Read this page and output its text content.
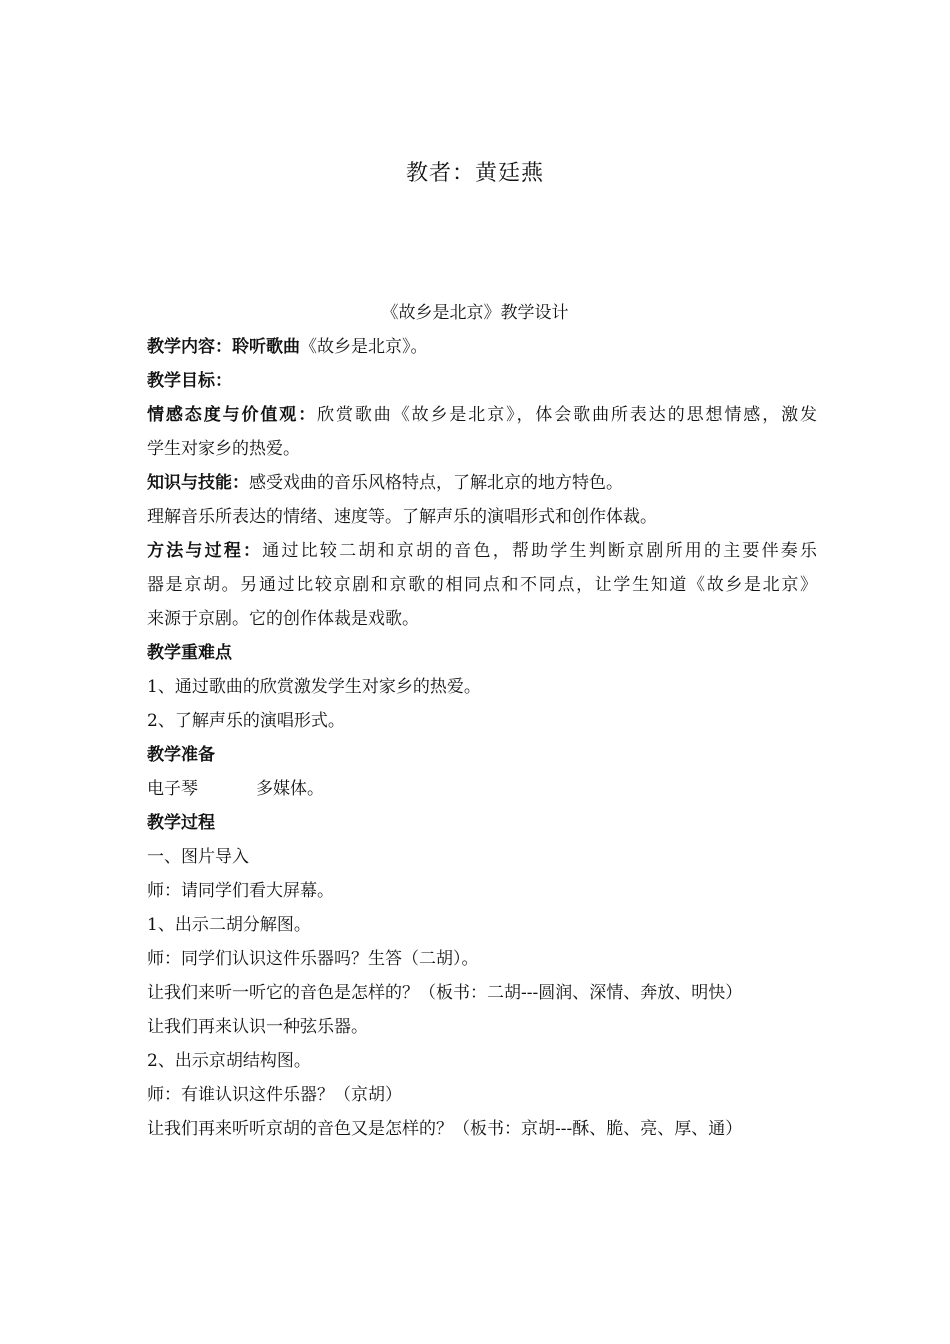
教者：黄廷燕
《故乡是北京》教学设计
教学内容：聆听歌曲《故乡是北京》。
教学目标：
情感态度与价值观：欣赏歌曲《故乡是北京》，体会歌曲所表达的思想情感，激发
学生对家乡的热爱。
知识与技能：感受戏曲的音乐风格特点，了解北京的地方特色。
理解音乐所表达的情绪、速度等。了解声乐的演唱形式和创作体裁。
方法与过程：通过比较二胡和京胡的音色，帮助学生判断京剧所用的主要伴奏乐
器是京胡。另通过比较京剧和京歌的相同点和不同点，让学生知道《故乡是北京》
来源于京剧。它的创作体裁是戏歌。
教学重难点
1、通过歌曲的欣赏激发学生对家乡的热爱。
2、了解声乐的演唱形式。
教学准备
电子琴	多媒体。
教学过程
一、图片导入
师：请同学们看大屏幕。
1、出示二胡分解图。
师：同学们认识这件乐器吗？生答（二胡）。
让我们来听一听它的音色是怎样的？（板书：二胡---圆润、深情、奔放、明快）
让我们再来认识一种弦乐器。
2、出示京胡结构图。
师：有谁认识这件乐器？（京胡）
让我们再来听听京胡的音色又是怎样的？（板书：京胡---酥、脆、亮、厚、通）
